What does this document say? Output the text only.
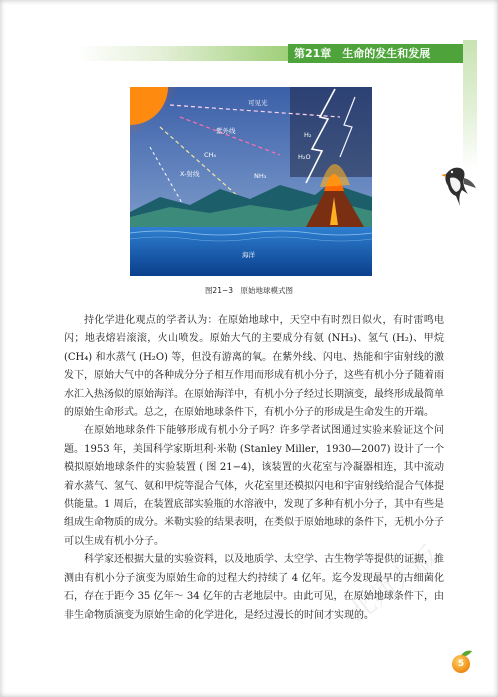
第21章　生命的发生和发展
可见光
紫外线	H₂
CH₄	H₂O
X-射线	NH₃
海洋
图21−3　原始地球模式图

持化学进化观点的学者认为：在原始地球中，天空中有时烈日似火，有时雷鸣电闪；地表熔岩滚滚，火山喷发。原始大气的主要成分有氨 (NH₃)、氢气 (H₂)、甲烷 (CH₄) 和水蒸气 (H₂O) 等，但没有游离的氧。在紫外线、闪电、热能和宇宙射线的激发下，原始大气中的各种成分分子相互作用而形成有机小分子，这些有机小分子随着雨水汇入热汤似的原始海洋。在原始海洋中，有机小分子经过长期演变，最终形成最简单的原始生命形式。总之，在原始地球条件下，有机小分子的形成是生命发生的开端。

在原始地球条件下能够形成有机小分子吗？许多学者试图通过实验来验证这个问题。1953 年，美国科学家斯坦利·米勒 (Stanley Miller，1930—2007) 设计了一个模拟原始地球条件的实验装置 ( 图 21−4)，该装置的火花室与冷凝器相连，其中流动着水蒸气、氢气、氨和甲烷等混合气体，火花室里还模拟闪电和宇宙射线给混合气体提供能量。1 周后，在装置底部实验瓶的水溶液中，发现了多种有机小分子，其中有些是组成生命物质的成分。米勒实验的结果表明，在类似于原始地球的条件下，无机小分子可以生成有机小分子。

科学家还根据大量的实验资料，以及地质学、太空学、古生物学等提供的证据，推测由有机小分子演变为原始生命的过程大约持续了 4 亿年。迄今发现最早的古细菌化石，存在于距今 35 亿年～ 34 亿年的古老地层中。由此可见，在原始地球条件下，由非生命物质演变为原始生命的化学进化，是经过漫长的时间才实现的。

北师大版
5
